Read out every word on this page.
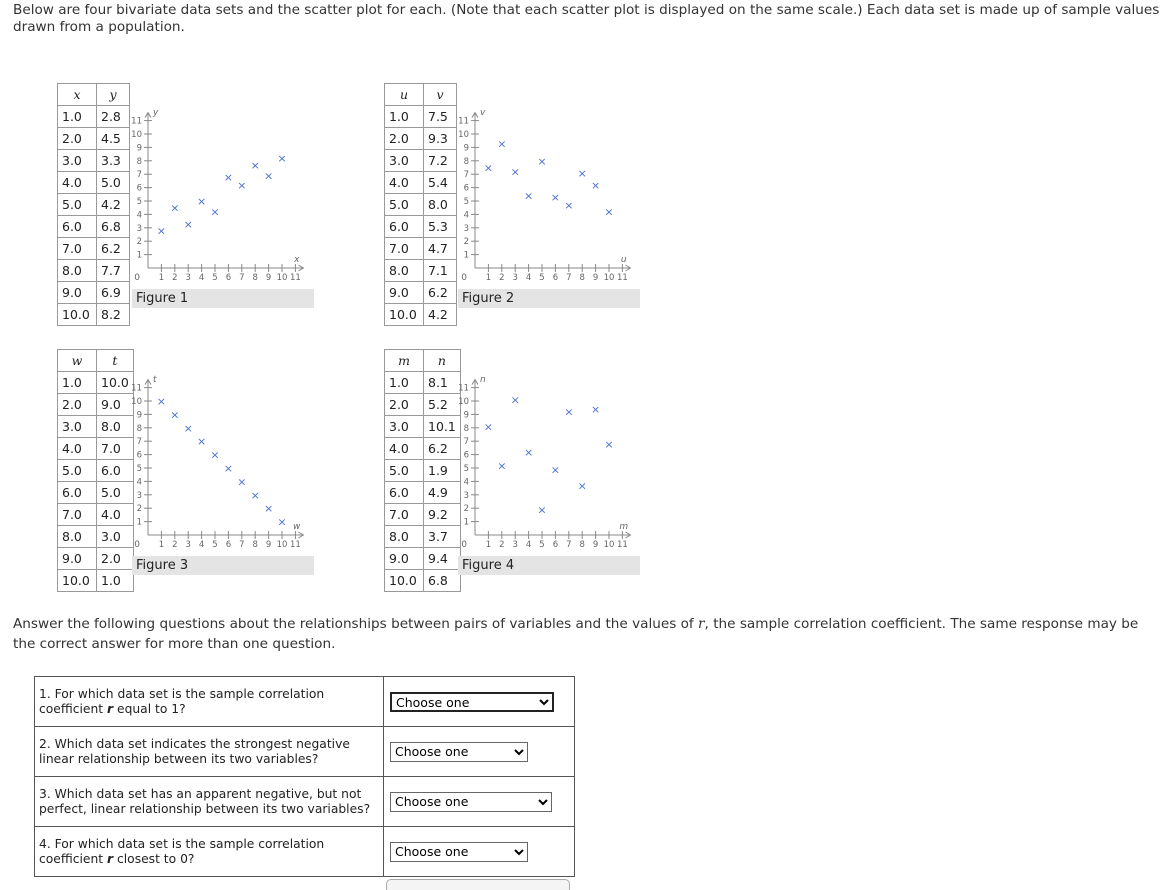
Below are four bivariate data sets and the scatter plot for each. (Note that each scatter plot is displayed on the same scale.) Each data set is made up of sample values drawn from a population.
x	y
1.0	2.8
2.0	4.5
3.0	3.3
4.0	5.0
5.0	4.2
6.0	6.8
7.0	6.2
8.0	7.7
9.0	6.9
10.0	8.2
u	v
1.0	7.5
2.0	9.3
3.0	7.2
4.0	5.4
5.0	8.0
6.0	5.3
7.0	4.7
8.0	7.1
9.0	6.2
10.0	4.2
w	t
1.0	10.0
2.0	9.0
3.0	8.0
4.0	7.0
5.0	6.0
6.0	5.0
7.0	4.0
8.0	3.0
9.0	2.0
10.0	1.0
m	n
1.0	8.1
2.0	5.2
3.0	10.1
4.0	6.2
5.0	1.9
6.0	4.9
7.0	9.2
8.0	3.7
9.0	9.4
10.0	6.8
1
1
2
2
3
3
4
4
5
5
6
6
7
7
8
8
9
9
10
10
11
11
0
x
y
×
×
×
×
×
×
×
×
×
×
Figure 1
1
1
2
2
3
3
4
4
5
5
6
6
7
7
8
8
9
9
10
10
11
11
0
u
v
×
×
×
×
×
×
×
×
×
×
Figure 2
1
1
2
2
3
3
4
4
5
5
6
6
7
7
8
8
9
9
10
10
11
11
0
w
t
×
×
×
×
×
×
×
×
×
×
Figure 3
1
1
2
2
3
3
4
4
5
5
6
6
7
7
8
8
9
9
10
10
11
11
0
m
n
×
×
×
×
×
×
×
×
×
×
Figure 4
Answer the following questions about the relationships between pairs of variables and the values of r, the sample correlation coefficient. The same response may be the correct answer for more than one question.
1. For which data set is the sample correlation coefficient r equal to 1?	
Choose one
2. Which data set indicates the strongest negative linear relationship between its two variables?	
Choose one
3. Which data set has an apparent negative, but not perfect, linear relationship between its two variables?	
Choose one
4. For which data set is the sample correlation coefficient r closest to 0?	
Choose one
